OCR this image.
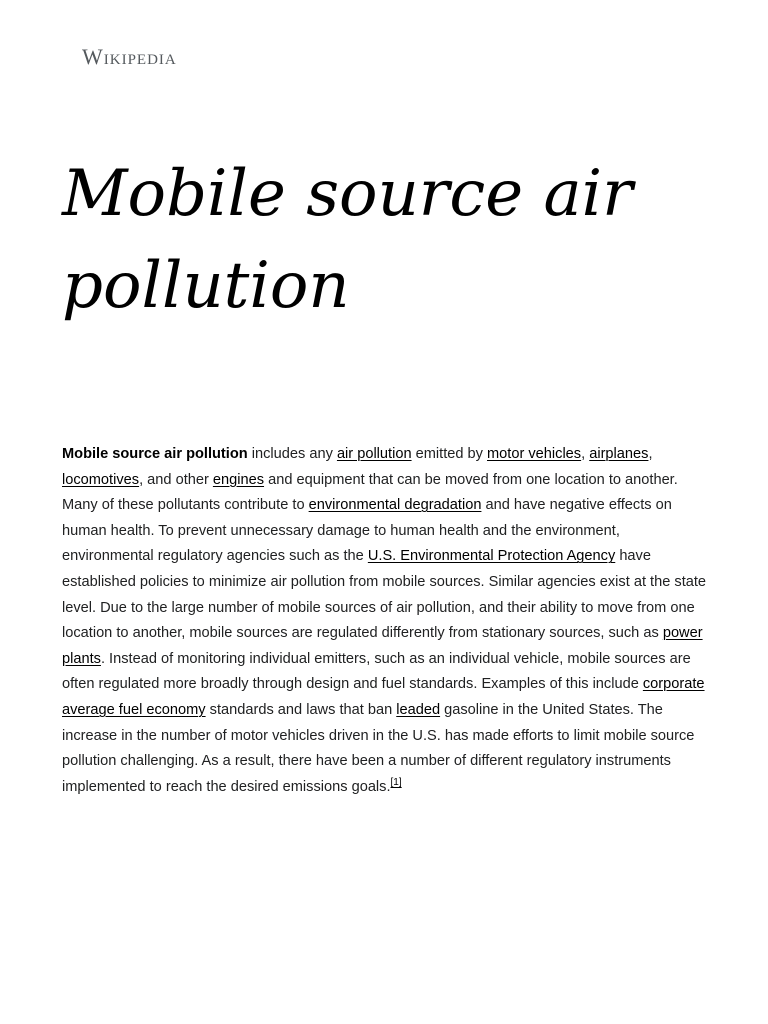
Wikipedia
Mobile source air pollution

Mobile source air pollution includes any air pollution emitted by motor vehicles, airplanes, locomotives, and other engines and equipment that can be moved from one location to another. Many of these pollutants contribute to environmental degradation and have negative effects on human health. To prevent unnecessary damage to human health and the environment, environmental regulatory agencies such as the U.S. Environmental Protection Agency have established policies to minimize air pollution from mobile sources. Similar agencies exist at the state level. Due to the large number of mobile sources of air pollution, and their ability to move from one location to another, mobile sources are regulated differently from stationary sources, such as power plants. Instead of monitoring individual emitters, such as an individual vehicle, mobile sources are often regulated more broadly through design and fuel standards. Examples of this include corporate average fuel economy standards and laws that ban leaded gasoline in the United States. The increase in the number of motor vehicles driven in the U.S. has made efforts to limit mobile source pollution challenging. As a result, there have been a number of different regulatory instruments implemented to reach the desired emissions goals.[1]
